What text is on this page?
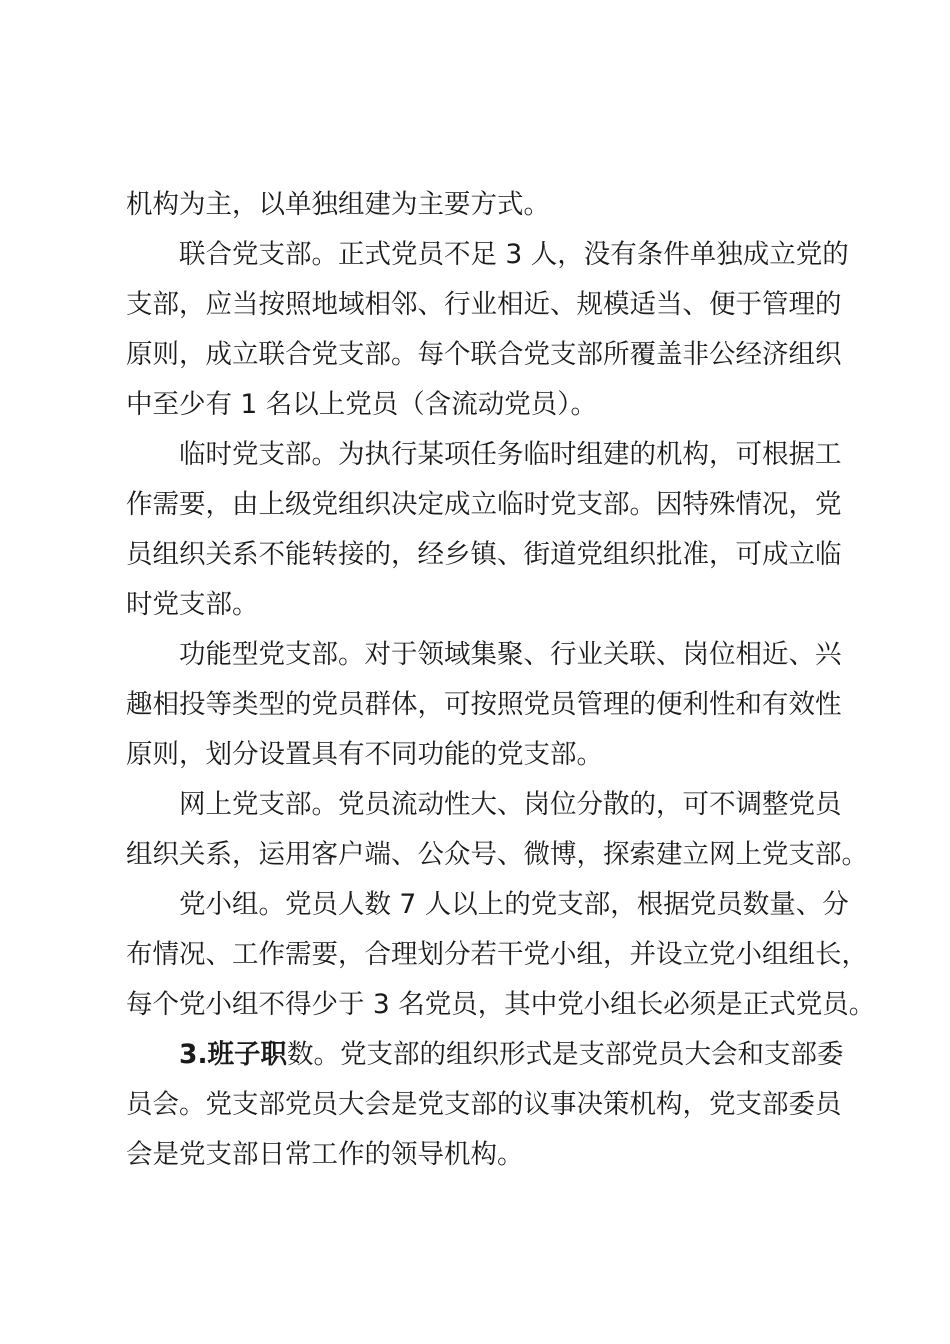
机构为主，以单独组建为主要方式。
联合党支部。正式党员不足 3 人，没有条件单独成立党的
支部，应当按照地域相邻、行业相近、规模适当、便于管理的
原则，成立联合党支部。每个联合党支部所覆盖非公经济组织
中至少有 1 名以上党员（含流动党员）。
临时党支部。为执行某项任务临时组建的机构，可根据工
作需要，由上级党组织决定成立临时党支部。因特殊情况，党
员组织关系不能转接的，经乡镇、街道党组织批准，可成立临
时党支部。
功能型党支部。对于领域集聚、行业关联、岗位相近、兴
趣相投等类型的党员群体，可按照党员管理的便利性和有效性
原则，划分设置具有不同功能的党支部。
网上党支部。党员流动性大、岗位分散的，可不调整党员
组织关系，运用客户端、公众号、微博，探索建立网上党支部。
党小组。党员人数 7 人以上的党支部，根据党员数量、分
布情况、工作需要，合理划分若干党小组，并设立党小组组长，
每个党小组不得少于 3 名党员，其中党小组长必须是正式党员。
3.班子职数。党支部的组织形式是支部党员大会和支部委
员会。党支部党员大会是党支部的议事决策机构，党支部委员
会是党支部日常工作的领导机构。
